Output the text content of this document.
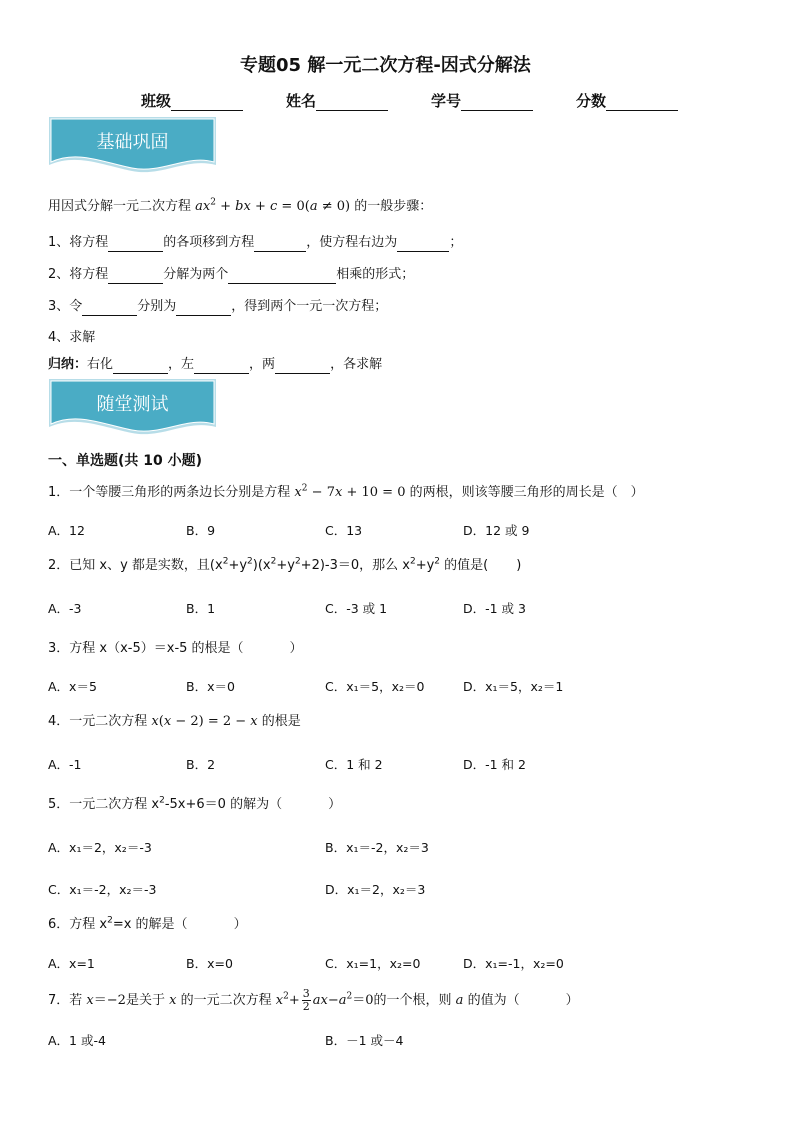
专题05 解一元二次方程-因式分解法
班级	姓名	学号	分数
基础巩固
用因式分解一元二次方程 $ax^2$ + bx + c = 0(a ≠ 0) 的一般步骤：
1、将方程	的各项移到方程	，使方程右边为	；
2、将方程	分解为两个	相乘的形式；
3、令	分别为	，得到两个一元一次方程；
4、求解
归纳：右化	，左	，两	，各求解
随堂测试
一、单选题(共 10 小题)
1．一个等腰三角形的两条边长分别是方程 $x^2 - 7x + 10 = 0$ 的两根，则该等腰三角形的周长是（　）
A．12	B．9	C．13	D．12 或 9
2．已知 x、y 都是实数，且$(x^2+y^2)(x^2+y^2+2)-3=0$，那么 $x^2+y^2$ 的值是( )
A．-3	B．1	C．-3 或 1	D．-1 或 3
3．方程 x（x-5）＝x-5 的根是（	）
A．x＝5	B．x＝0	C．x₁＝5，x₂＝0	D．x₁＝5，x₂＝1
4．一元二次方程 x(x − 2) = 2 − x 的根是
A．-1	B．2	C．1 和 2	D．-1 和 2
5．一元二次方程 $x^2-5x+6=0$ 的解为（	）
A．x₁＝2，x₂＝-3	B．x₁＝-2，x₂＝3
C．x₁＝-2，x₂＝-3	D．x₁＝2，x₂＝3
6．方程 $x^2=x$ 的解是（	）
A．x=1	B．x=0	C．x₁=1，x₂=0	D．x₁=-1，x₂=0
7．若 x＝−2是关于 x 的一元二次方程 $x^2+ \frac{3}{2} ax-a^2=0$的一个根，则 a 的值为（	）
A．1 或-4	B．－1 或－4
